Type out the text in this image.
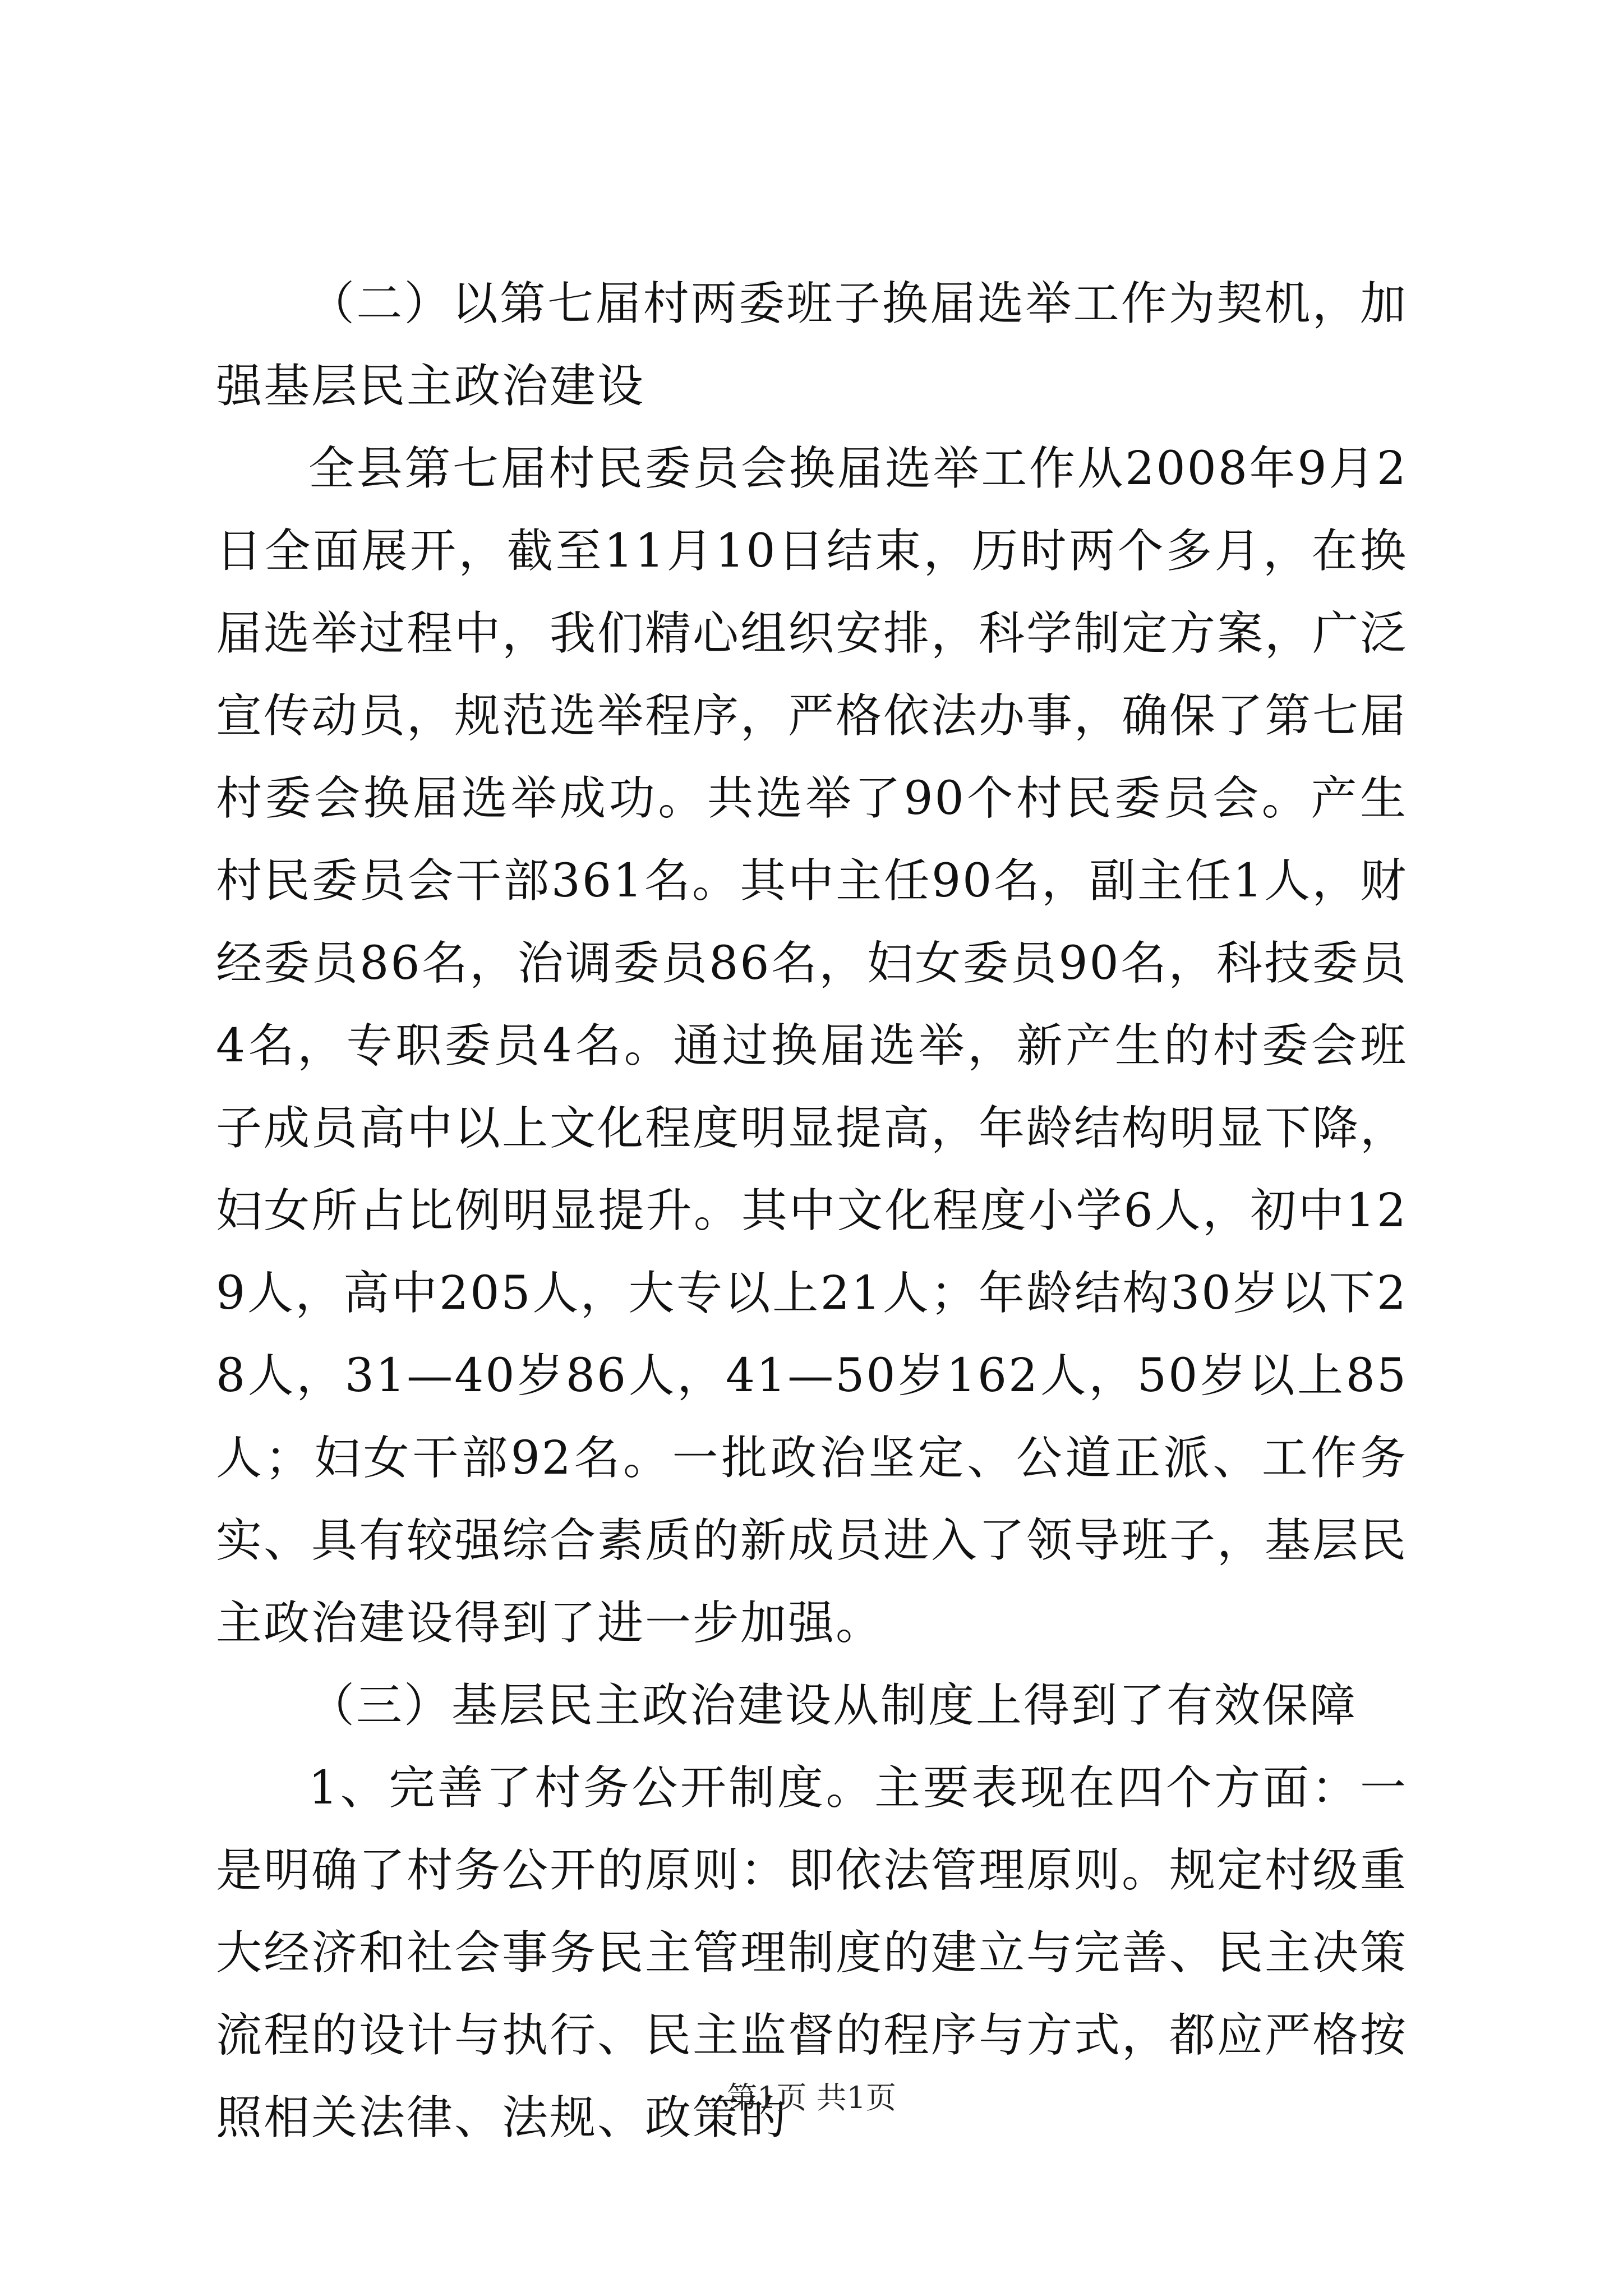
（二）以第七届村两委班子换届选举工作为契机，加强基层民主政治建设

全县第七届村民委员会换届选举工作从2008年9月2日全面展开，截至11月10日结束，历时两个多月，在换届选举过程中，我们精心组织安排，科学制定方案，广泛宣传动员，规范选举程序，严格依法办事，确保了第七届村委会换届选举成功。共选举了90个村民委员会。产生村民委员会干部361名。其中主任90名，副主任1人，财经委员86名，治调委员86名，妇女委员90名，科技委员4名，专职委员4名。通过换届选举，新产生的村委会班子成员高中以上文化程度明显提高，年龄结构明显下降，妇女所占比例明显提升。其中文化程度小学6人，初中129人，高中205人，大专以上21人；年龄结构30岁以下28人，31—40岁86人，41—50岁162人，50岁以上85人；妇女干部92名。一批政治坚定、公道正派、工作务实、具有较强综合素质的新成员进入了领导班子，基层民主政治建设得到了进一步加强。

（三）基层民主政治建设从制度上得到了有效保障

1、完善了村务公开制度。主要表现在四个方面：一是明确了村务公开的原则：即依法管理原则。规定村级重大经济和社会事务民主管理制度的建立与完善、民主决策流程的设计与执行、民主监督的程序与方式，都应严格按照相关法律、法规、政策的

第1页 共1页
